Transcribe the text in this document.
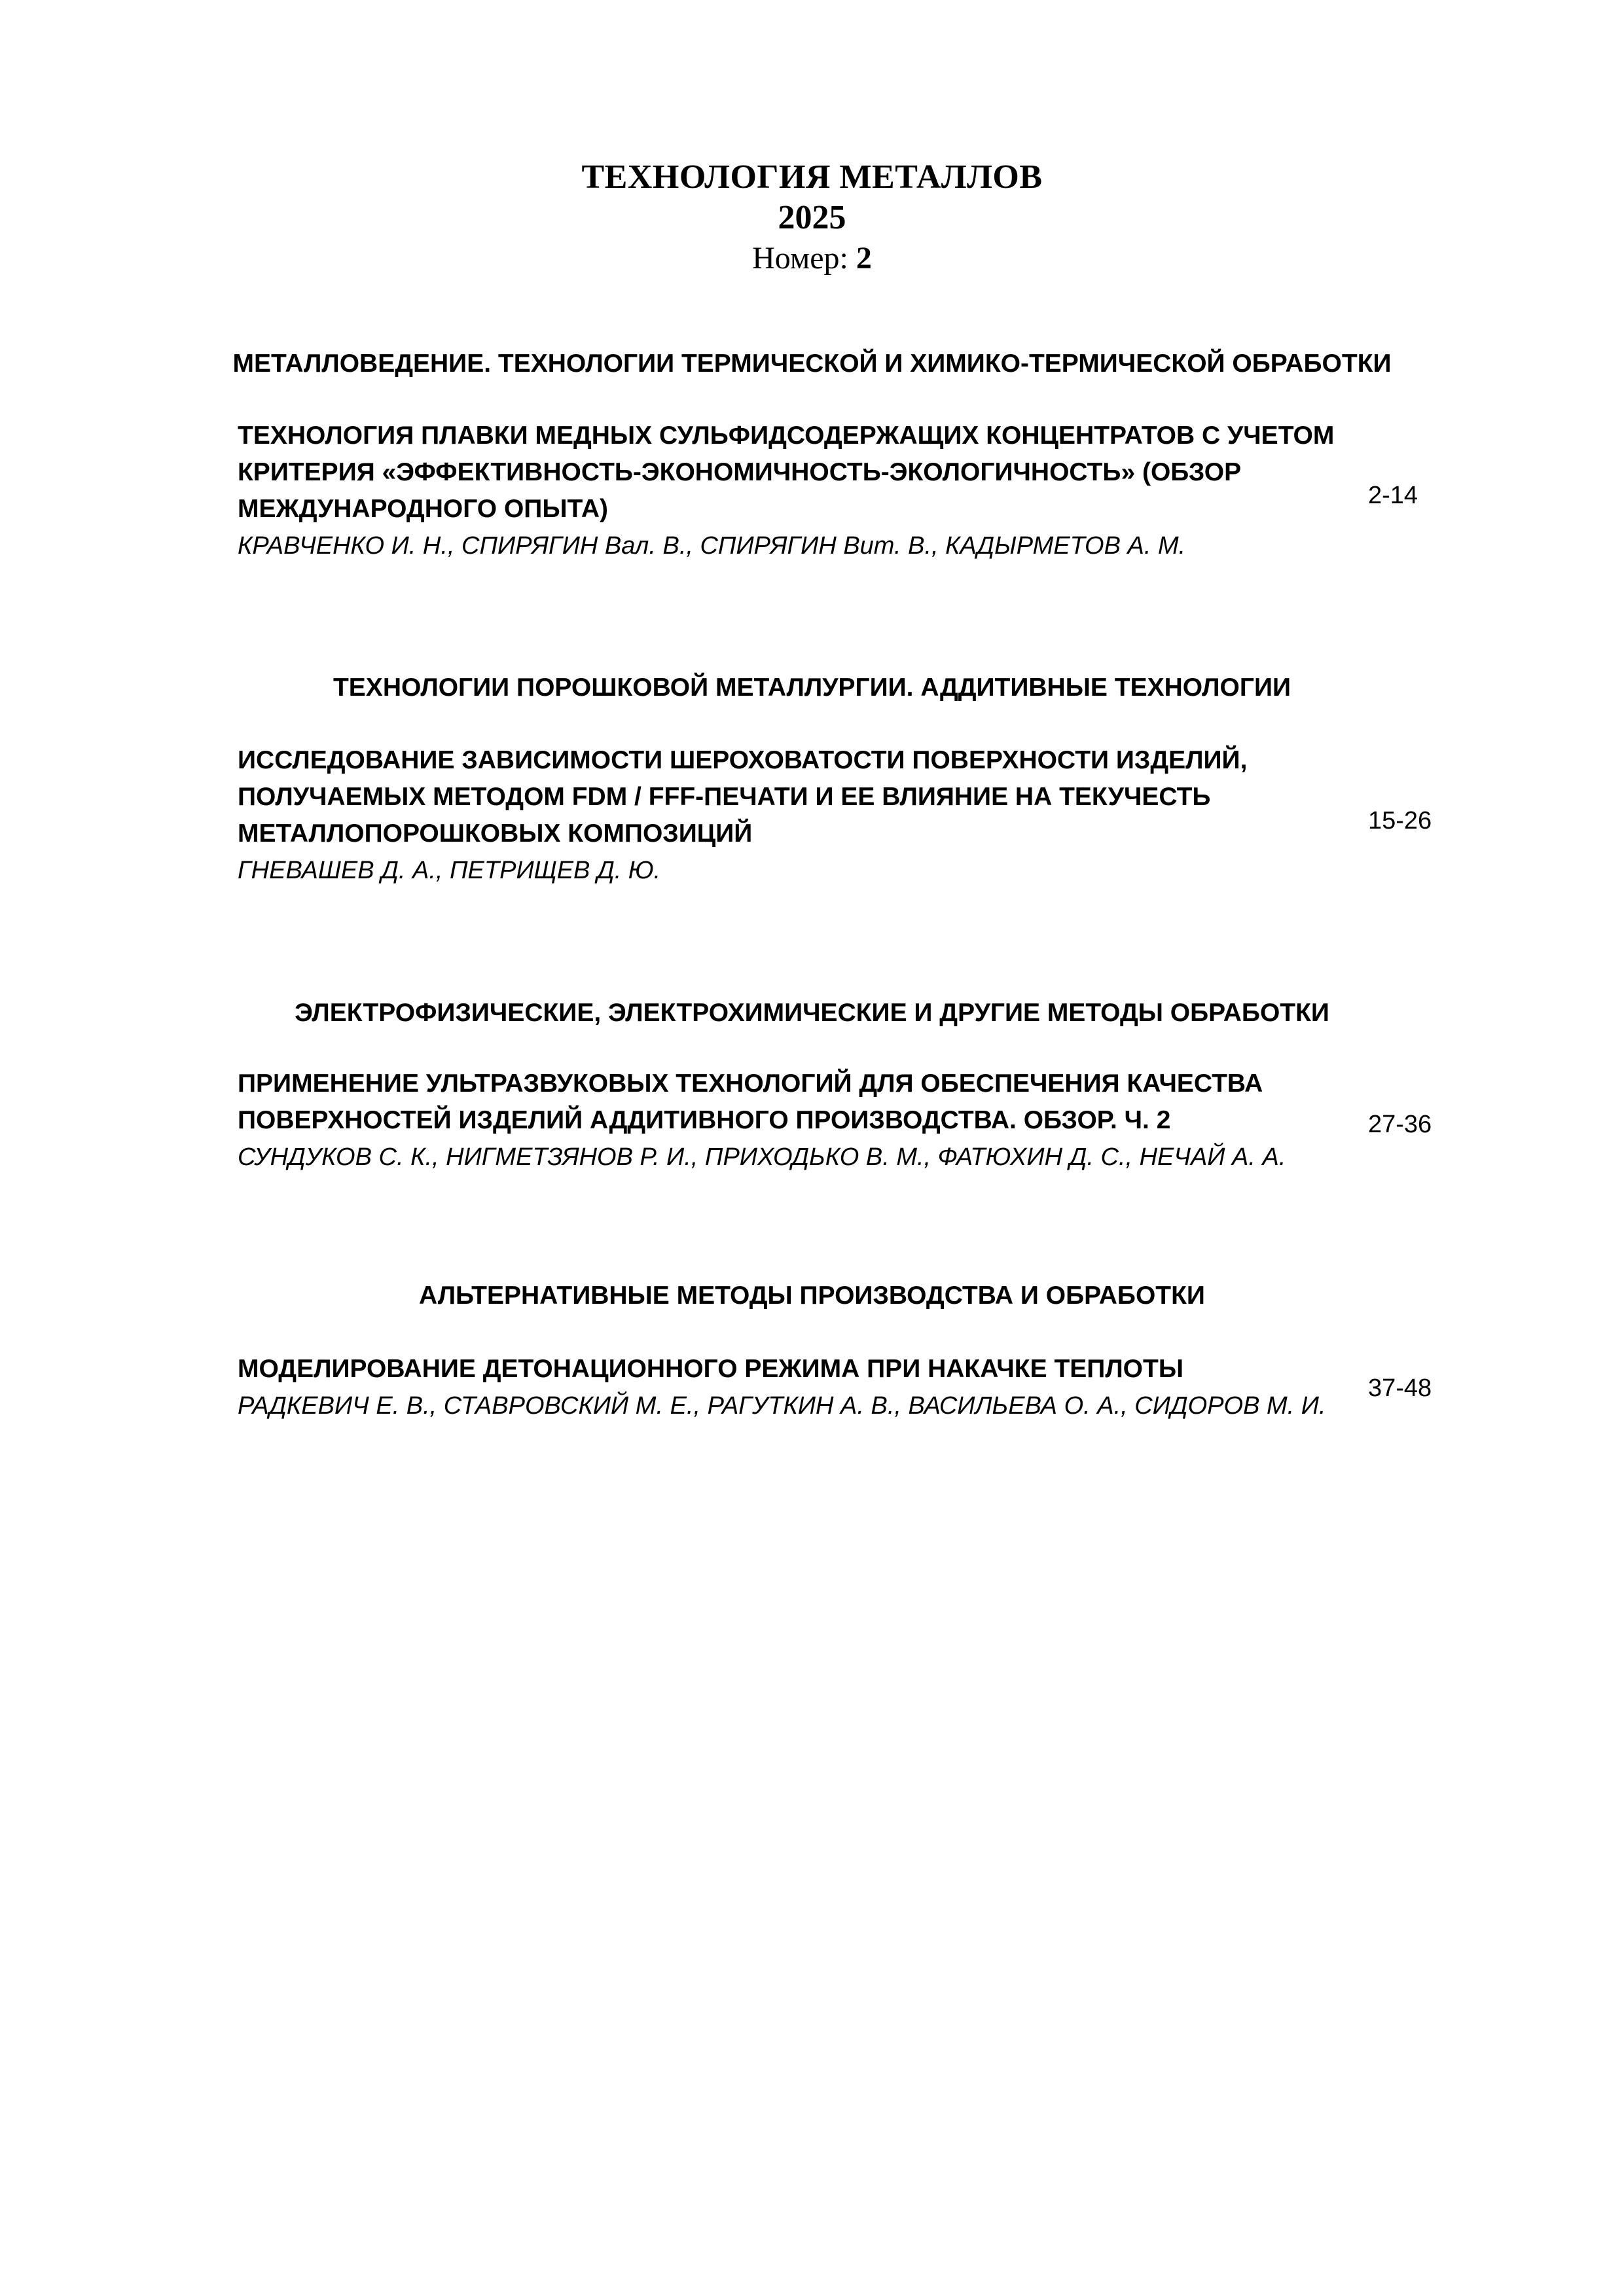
ТЕХНОЛОГИЯ МЕТАЛЛОВ
2025
Номер: 2
МЕТАЛЛОВЕДЕНИЕ. ТЕХНОЛОГИИ ТЕРМИЧЕСКОЙ И ХИМИКО-ТЕРМИЧЕСКОЙ ОБРАБОТКИ
ТЕХНОЛОГИЯ ПЛАВКИ МЕДНЫХ СУЛЬФИДСОДЕРЖАЩИХ КОНЦЕНТРАТОВ С УЧЕТОМ
КРИТЕРИЯ «ЭФФЕКТИВНОСТЬ-ЭКОНОМИЧНОСТЬ-ЭКОЛОГИЧНОСТЬ» (ОБЗОР
МЕЖДУНАРОДНОГО ОПЫТА)
КРАВЧЕНКО И. Н., СПИРЯГИН Вал. В., СПИРЯГИН Вит. В., КАДЫРМЕТОВ А. М.
2-14
ТЕХНОЛОГИИ ПОРОШКОВОЙ МЕТАЛЛУРГИИ. АДДИТИВНЫЕ ТЕХНОЛОГИИ
ИССЛЕДОВАНИЕ ЗАВИСИМОСТИ ШЕРОХОВАТОСТИ ПОВЕРХНОСТИ ИЗДЕЛИЙ,
ПОЛУЧАЕМЫХ МЕТОДОМ FDM / FFF-ПЕЧАТИ И ЕЕ ВЛИЯНИЕ НА ТЕКУЧЕСТЬ
МЕТАЛЛОПОРОШКОВЫХ КОМПОЗИЦИЙ
ГНЕВАШЕВ Д. А., ПЕТРИЩЕВ Д. Ю.
15-26
ЭЛЕКТРОФИЗИЧЕСКИЕ, ЭЛЕКТРОХИМИЧЕСКИЕ И ДРУГИЕ МЕТОДЫ ОБРАБОТКИ
ПРИМЕНЕНИЕ УЛЬТРАЗВУКОВЫХ ТЕХНОЛОГИЙ ДЛЯ ОБЕСПЕЧЕНИЯ КАЧЕСТВА
ПОВЕРХНОСТЕЙ ИЗДЕЛИЙ АДДИТИВНОГО ПРОИЗВОДСТВА. ОБЗОР. Ч. 2
СУНДУКОВ С. К., НИГМЕТЗЯНОВ Р. И., ПРИХОДЬКО В. М., ФАТЮХИН Д. С., НЕЧАЙ А. А.
27-36
АЛЬТЕРНАТИВНЫЕ МЕТОДЫ ПРОИЗВОДСТВА И ОБРАБОТКИ
МОДЕЛИРОВАНИЕ ДЕТОНАЦИОННОГО РЕЖИМА ПРИ НАКАЧКЕ ТЕПЛОТЫ
РАДКЕВИЧ Е. В., СТАВРОВСКИЙ М. Е., РАГУТКИН А. В., ВАСИЛЬЕВА О. А., СИДОРОВ М. И.
37-48
